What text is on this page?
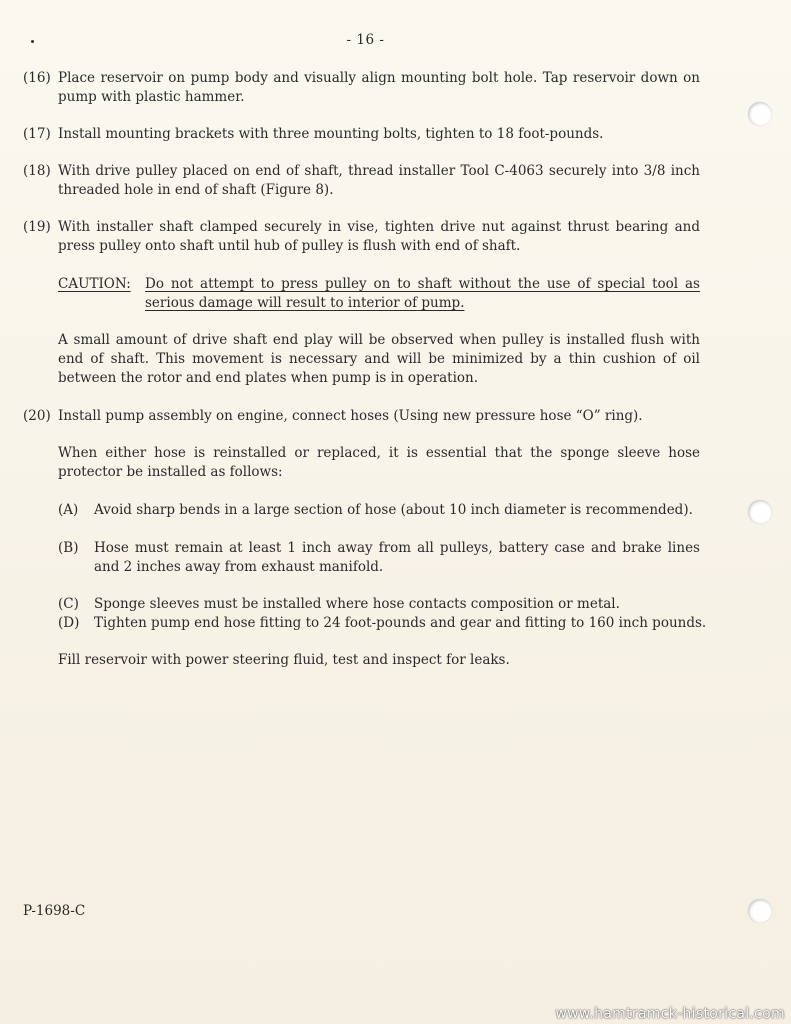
- 16 -

(16) Place reservoir on pump body and visually align mounting bolt hole. Tap reservoir down on
pump with plastic hammer.
(17) Install mounting brackets with three mounting bolts, tighten to 18 foot-pounds.
(18) With drive pulley placed on end of shaft, thread installer Tool C-4063 securely into 3/8 inch
threaded hole in end of shaft (Figure 8).
(19) With installer shaft clamped securely in vise, tighten drive nut against thrust bearing and
press pulley onto shaft until hub of pulley is flush with end of shaft.
CAUTION: Do not attempt to press pulley on to shaft without the use of special tool as
serious damage will result to interior of pump.
A small amount of drive shaft end play will be observed when pulley is installed flush with
end of shaft. This movement is necessary and will be minimized by a thin cushion of oil
between the rotor and end plates when pump is in operation.
(20) Install pump assembly on engine, connect hoses (Using new pressure hose “O” ring).
When either hose is reinstalled or replaced, it is essential that the sponge sleeve hose
protector be installed as follows:
(A) Avoid sharp bends in a large section of hose (about 10 inch diameter is recommended).
(B) Hose must remain at least 1 inch away from all pulleys, battery case and brake lines
and 2 inches away from exhaust manifold.
(C) Sponge sleeves must be installed where hose contacts composition or metal.
(D) Tighten pump end hose fitting to 24 foot-pounds and gear and fitting to 160 inch pounds.
Fill reservoir with power steering fluid, test and inspect for leaks.
P-1698-C
www.hamtramck-historical.com
